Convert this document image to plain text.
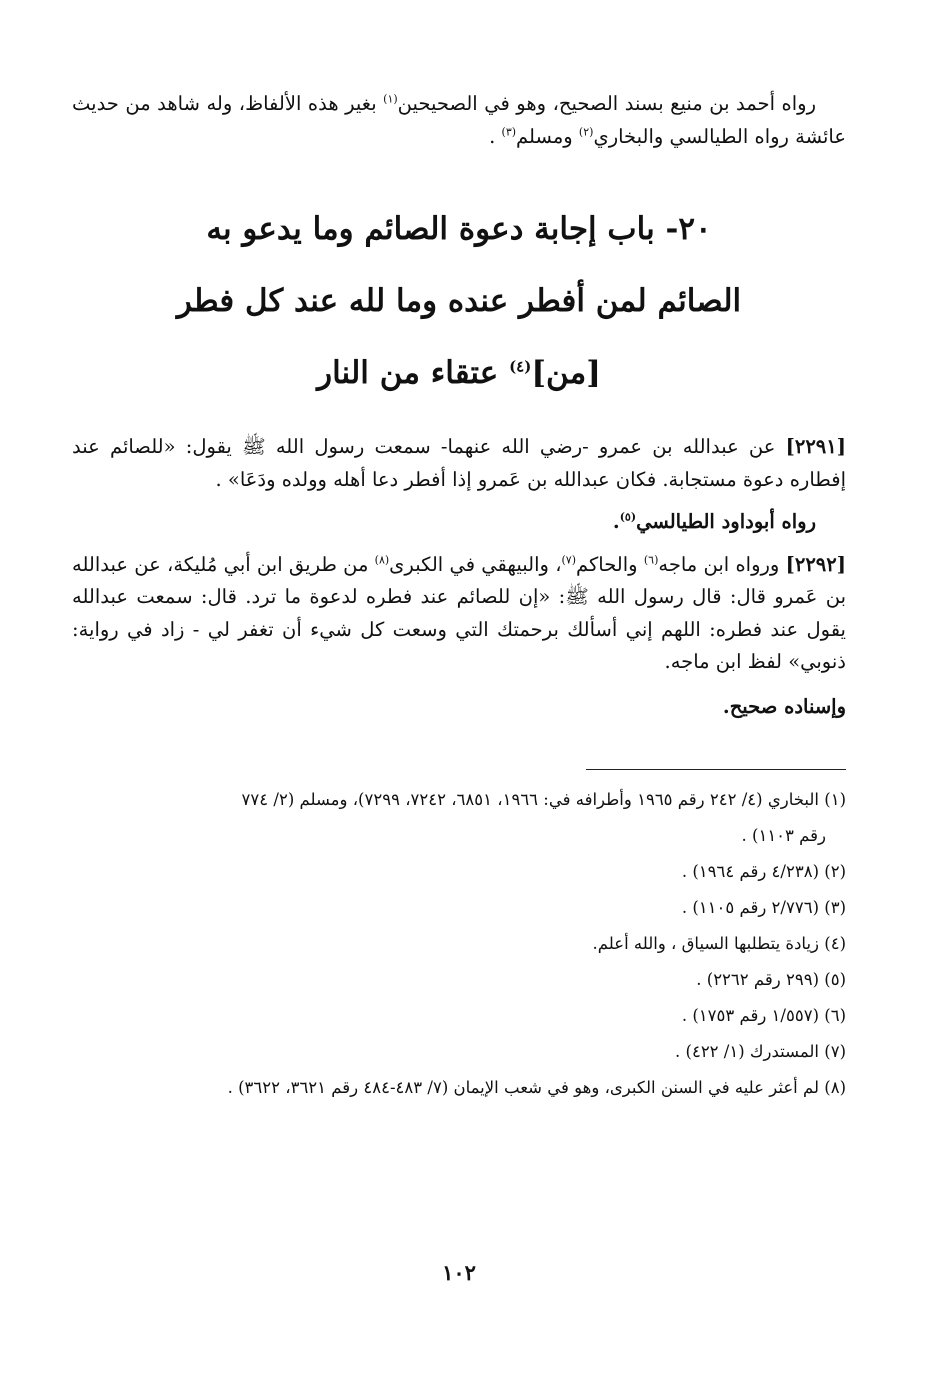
رواه أحمد بن منيع بسند الصحيح، وهو في الصحيحين$^{(١)}$ بغير هذه الألفاظ، وله شاهد من حديث عائشة رواه الطيالسي والبخاري$^{(٢)}$ ومسلم$^{(٣)}$ .

٢٠- باب إجابة دعوة الصائم وما يدعو به
الصائم لمن أفطر عنده وما لله عند كل فطر
[من]$^{(٤)}$ عتقاء من النار

[٢٢٩١] عن عبدالله بن عمرو -رضي الله عنهما- سمعت رسول الله ﷺ يقول: «للصائم عند إفطاره دعوة مستجابة. فكان عبدالله بن عَمرو إذا أفطر دعا أهله وولده ودَعَا» .

رواه أبوداود الطيالسي$^{(٥)}$.

[٢٢٩٢] ورواه ابن ماجه$^{(٦)}$ والحاكم$^{(٧)}$، والبيهقي في الكبرى$^{(٨)}$ من طريق ابن أبي مُليكة، عن عبدالله بن عَمرو قال: قال رسول الله ﷺ: «إن للصائم عند فطره لدعوة ما ترد. قال: سمعت عبدالله يقول عند فطره: اللهم إني أسألك برحمتك التي وسعت كل شيء أن تغفر لي - زاد في رواية: ذنوبي» لفظ ابن ماجه.

وإسناده صحيح.

(١) البخاري (٤/ ٢٤٢ رقم ١٩٦٥ وأطرافه في: ١٩٦٦، ٦٨٥١، ٧٢٤٢، ٧٢٩٩)، ومسلم (٢/ ٧٧٤

رقم ١١٠٣) .

(٢) (٤/٢٣٨ رقم ١٩٦٤) .

(٣) (٢/٧٧٦ رقم ١١٠٥) .

(٤) زيادة يتطلبها السياق ، والله أعلم.

(٥) (٢٩٩ رقم ٢٢٦٢) .

(٦) (١/٥٥٧ رقم ١٧٥٣) .

(٧) المستدرك (١/ ٤٢٢) .

(٨) لم أعثر عليه في السنن الكبرى، وهو في شعب الإيمان (٧/ ٤٨٣-٤٨٤ رقم ٣٦٢١، ٣٦٢٢) .

١٠٢
